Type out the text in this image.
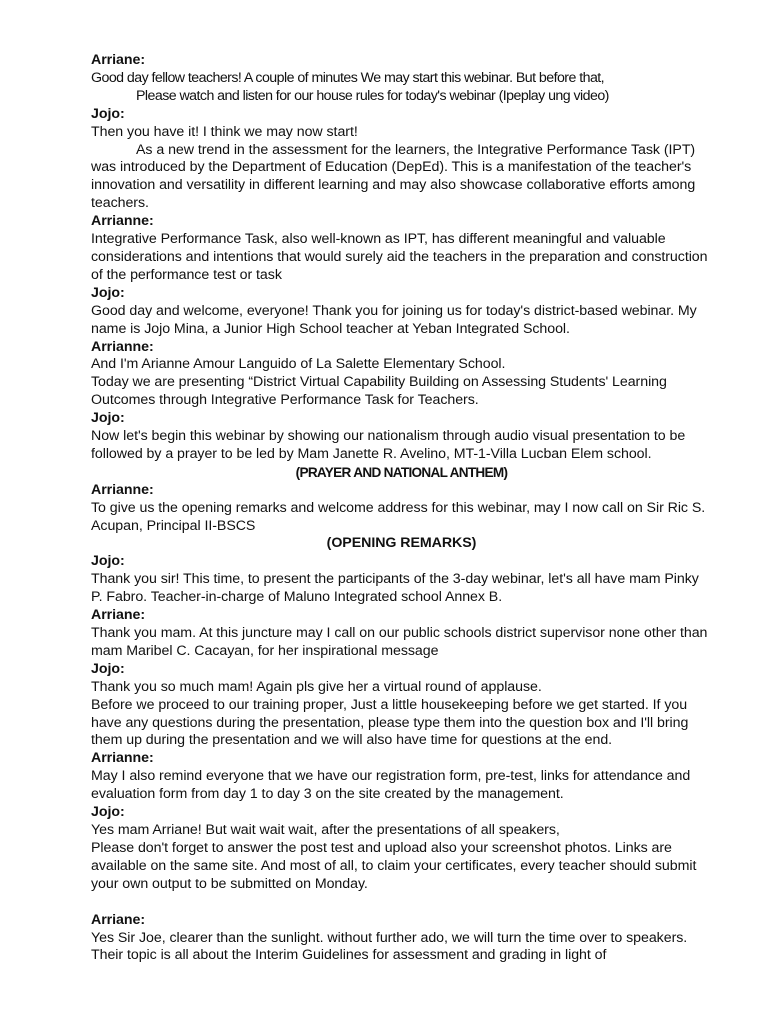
Arriane:

Good day fellow teachers! A couple of minutes We may start this webinar. But before that,

Please watch and listen for our house rules for today's webinar (Ipeplay ung video)

Jojo:

Then you have it! I think we may now start!

As a new trend in the assessment for the learners, the Integrative Performance Task (IPT) was introduced by the Department of Education (DepEd). This is a manifestation of the teacher's innovation and versatility in different learning and may also showcase collaborative efforts among teachers.

Arrianne:

Integrative Performance Task, also well-known as IPT, has different meaningful and valuable considerations and intentions that would surely aid the teachers in the preparation and construction of the performance test or task

Jojo:

Good day and welcome, everyone! Thank you for joining us for today's district-based webinar. My name is Jojo Mina, a Junior High School teacher at Yeban Integrated School.

Arrianne:

And I'm Arianne Amour Languido of La Salette Elementary School.

Today we are presenting “District Virtual Capability Building on Assessing Students' Learning Outcomes through Integrative Performance Task for Teachers.

Jojo:

Now let's begin this webinar by showing our nationalism through audio visual presentation to be followed by a prayer to be led by Mam Janette R. Avelino, MT-1-Villa Lucban Elem school.

(PRAYER AND NATIONAL ANTHEM)

Arrianne:

To give us the opening remarks and welcome address for this webinar, may I now call on Sir Ric S. Acupan, Principal II-BSCS

(OPENING REMARKS)

Jojo:

Thank you sir! This time, to present the participants of the 3-day webinar, let's all have mam Pinky P. Fabro. Teacher-in-charge of Maluno Integrated school Annex B.

Arriane:

Thank you mam. At this juncture may I call on our public schools district supervisor none other than mam Maribel C. Cacayan, for her inspirational message

Jojo:

Thank you so much mam! Again pls give her a virtual round of applause.

Before we proceed to our training proper, Just a little housekeeping before we get started. If you have any questions during the presentation, please type them into the question box and I'll bring them up during the presentation and we will also have time for questions at the end.

Arrianne:

May I also remind everyone that we have our registration form, pre-test, links for attendance and evaluation form from day 1 to day 3 on the site created by the management.

Jojo:

Yes mam Arriane! But wait wait wait, after the presentations of all speakers,

Please don't forget to answer the post test and upload also your screenshot photos. Links are available on the same site. And most of all, to claim your certificates, every teacher should submit your own output to be submitted on Monday.

Arriane:

Yes Sir Joe, clearer than the sunlight. without further ado, we will turn the time over to speakers. Their topic is all about the Interim Guidelines for assessment and grading in light of
